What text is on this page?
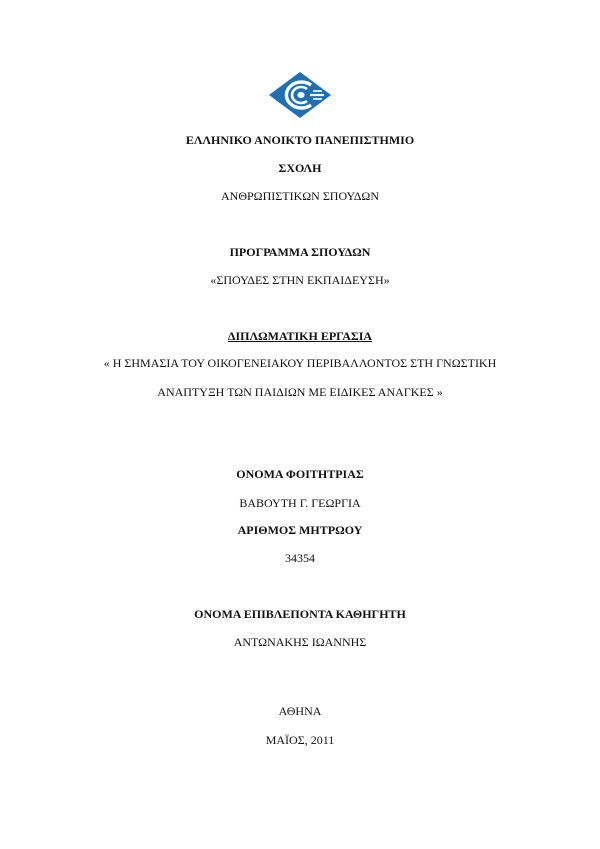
ΕΛΛΗΝΙΚΟ ΑΝΟΙΚΤΟ ΠΑΝΕΠΙΣΤΗΜΙΟ
ΣΧΟΛΗ
ΑΝΘΡΩΠΙΣΤΙΚΩΝ ΣΠΟΥΔΩΝ
ΠΡΟΓΡΑΜΜΑ ΣΠΟΥΔΩΝ
«ΣΠΟΥΔΕΣ ΣΤΗΝ ΕΚΠΑΙΔΕΥΣΗ»
ΔΙΠΛΩΜΑΤΙΚΗ ΕΡΓΑΣΙΑ
« Η ΣΗΜΑΣΙΑ ΤΟΥ ΟΙΚΟΓΕΝΕΙΑΚΟΥ ΠΕΡΙΒΑΛΛΟΝΤΟΣ ΣΤΗ ΓΝΩΣΤΙΚΗ
ΑΝΑΠΤΥΞΗ ΤΩΝ ΠΑΙΔΙΩΝ ΜΕ ΕΙΔΙΚΕΣ ΑΝΑΓΚΕΣ »
ΟΝΟΜΑ ΦΟΙΤΗΤΡΙΑΣ
ΒΑΒΟΥΤΗ Γ. ΓΕΩΡΓΙΑ
ΑΡΙΘΜΟΣ ΜΗΤΡΩΟΥ
34354
ΟΝΟΜΑ ΕΠΙΒΛΕΠΟΝΤΑ ΚΑΘΗΓΗΤΗ
ΑΝΤΩΝΑΚΗΣ ΙΩΑΝΝΗΣ
ΑΘΗΝΑ
ΜΑΪΟΣ, 2011
